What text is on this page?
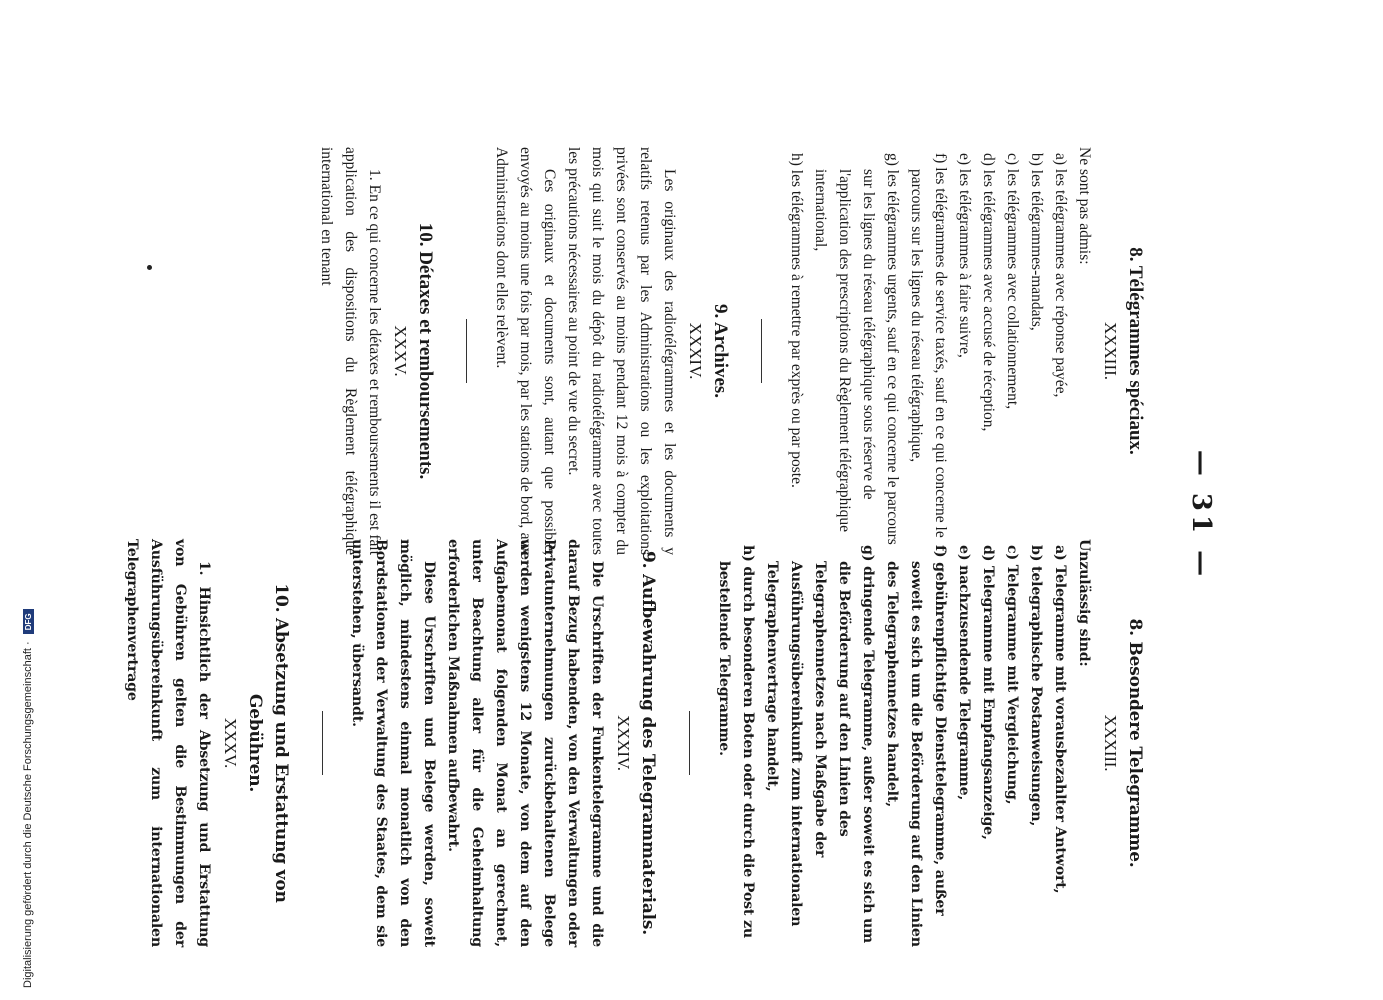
— 31 —
8. Télégrammes spéciaux.
XXXIII.

Ne sont pas admis:

a) les télégrammes avec réponse payée,
b) les télégrammes-mandats,
c) les télégrammes avec collationnement,
d) les télégrammes avec accusé de réception,
e) les télégrammes à faire suivre,
f) les télégrammes de service taxés, sauf en ce qui concerne le parcours sur les lignes du réseau télégraphique,
g) les télégrammes urgents, sauf en ce qui concerne le parcours sur les lignes du réseau télégraphique sous réserve de l'application des prescriptions du Règlement télégraphique international,
h) les télégrammes à remettre par exprès ou par poste.
9. Archives.
XXXIV.

Les originaux des radiotélégrammes et les documents y relatifs retenus par les Administrations ou les exploitations privées sont conservés au moins pendant 12 mois à compter du mois qui suit le mois du dépôt du radiotélégramme avec toutes les précautions nécessaires au point de vue du secret.

Ces originaux et documents sont, autant que possible, envoyés au moins une fois par mois, par les stations de bord, aux Administrations dont elles relèvent.

10. Détaxes et remboursements.
XXXV.

1. En ce qui concerne les détaxes et remboursements il est fait application des dispositions du Règlement télégraphique international en tenant

8. Besondere Telegramme.
XXXIII.

Unzulässig sind:

a) Telegramme mit vorausbezahlter Antwort,
b) telegraphische Postanweisungen,
c) Telegramme mit Vergleichung,
d) Telegramme mit Empfangsanzeige,
e) nachzusendende Telegramme,
f) gebührenpflichtige Diensttelegramme, außer soweit es sich um die Beförderung auf den Linien des Telegraphennetzes handelt,
g) dringende Telegramme, außer soweit es sich um die Beförderung auf den Linien des Telegraphennetzes nach Maßgabe der Ausführungsübereinkunft zum internationalen Telegraphenvertrage handelt,
h) durch besonderen Boten oder durch die Post zu bestellende Telegramme.
9. Aufbewahrung des Telegrammaterials.
XXXIV.

Die Urschriften der Funkentelegramme und die darauf Bezug habenden, von den Verwaltungen oder Privatunternehmungen zurückbehaltenen Belege werden wenigstens 12 Monate, von dem auf den Aufgabemonat folgenden Monat an gerechnet, unter Beachtung aller für die Geheimhaltung erforderlichen Maßnahmen aufbewahrt.

Diese Urschriften und Belege werden, soweit möglich, mindestens einmal monatlich von den Bordstationen der Verwaltung des Staates, dem sie unterstehen, übersandt.

10. Absetzung und Erstattung von Gebühren.
XXXV.

1. Hinsichtlich der Absetzung und Erstattung von Gebühren gelten die Bestimmungen der Ausführungsübereinkunft zum internationalen Telegraphenvertrage

Digitalisierung gefördert durch die Deutsche Forschungsgemeinschaft · DFG
